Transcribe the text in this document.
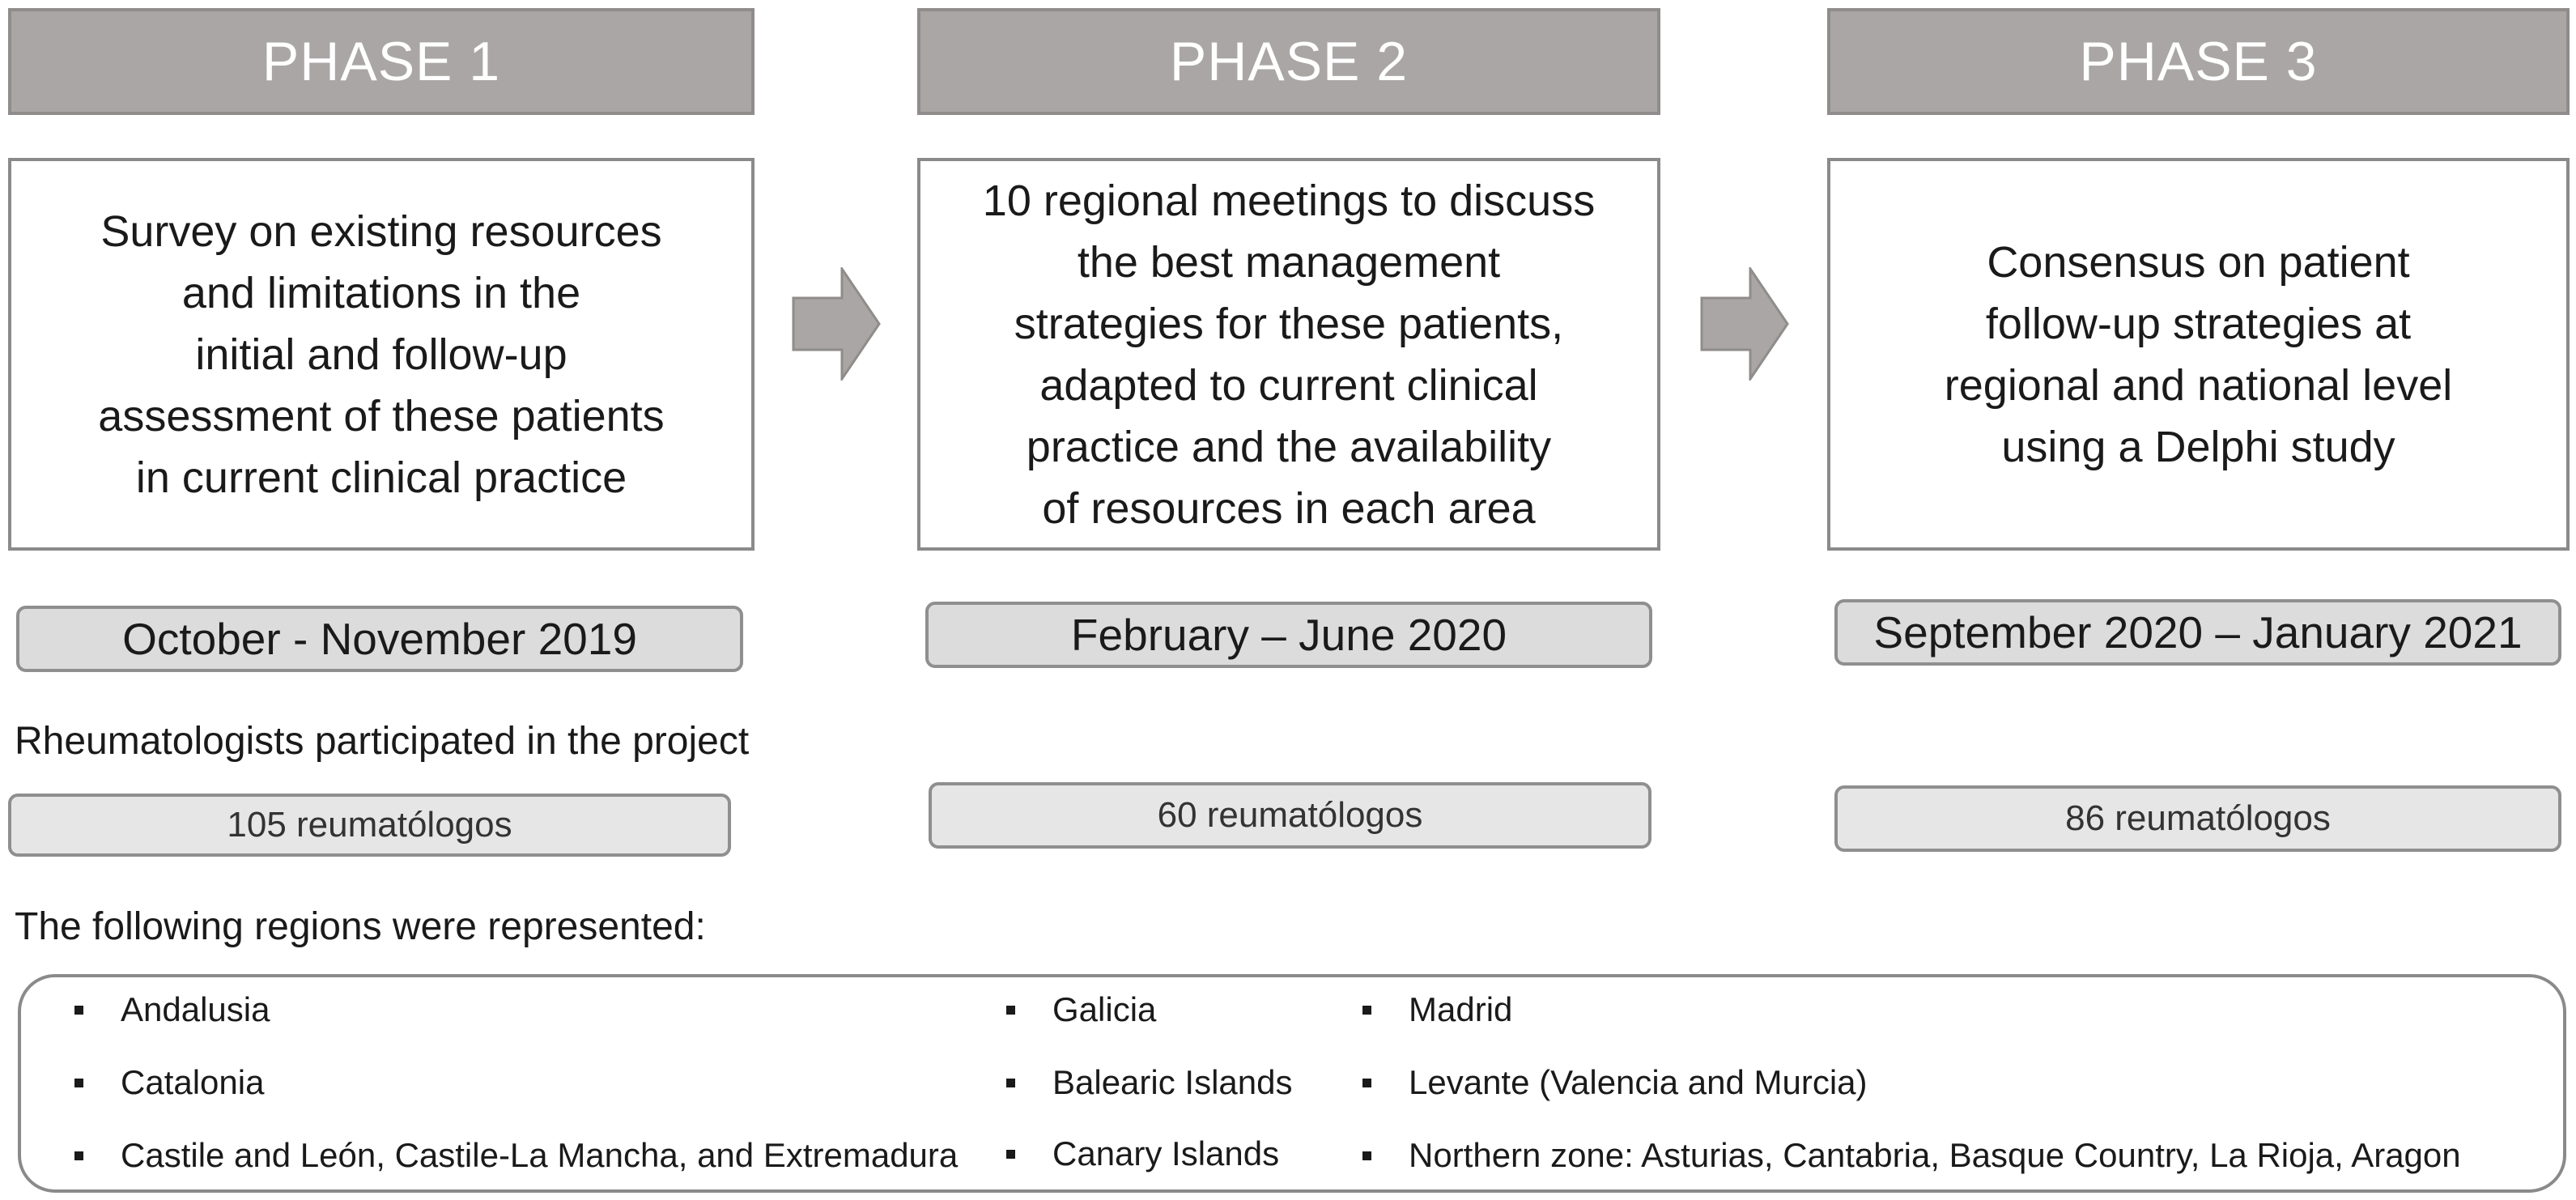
PHASE 1	PHASE 2	PHASE 3
Survey on existing resources
and limitations in the
initial and follow-up
assessment of these patients
in current clinical practice
10 regional meetings to discuss
the best management
strategies for these patients,
adapted to current clinical
practice and the availability
of resources in each area
Consensus on patient
follow-up strategies at
regional and national level
using a Delphi study
October - November 2019	February – June 2020	September 2020 – January 2021
Rheumatologists participated in the project
105 reumatólogos	60 reumatólogos	86 reumatólogos
The following regions were represented:
Andalusia
Catalonia
Castile and León, Castile-La Mancha, and Extremadura
Galicia
Balearic Islands
Canary Islands
Madrid
Levante (Valencia and Murcia)
Northern zone: Asturias, Cantabria, Basque Country, La Rioja, Aragon
